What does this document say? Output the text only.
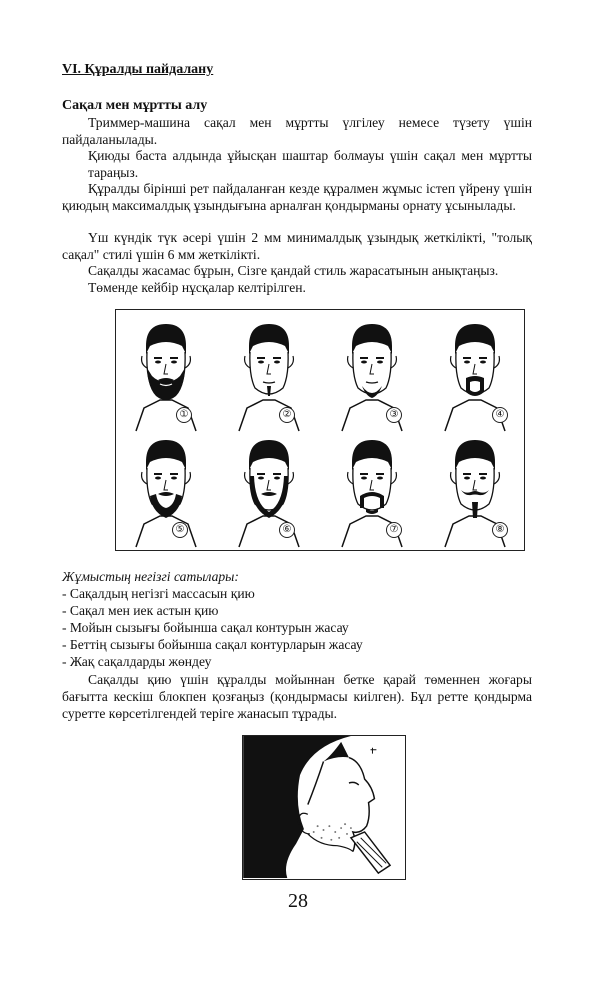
VI. Құралды пайдалану
Сақал мен мұртты алу
Триммер-машина сақал мен мұртты үлгілеу немесе түзету үшін пайдаланылады.
Қиюды баста алдында ұйысқан шаштар болмауы үшін сақал мен мұртты тараңыз.
Құралды бірінші рет пайдаланған кезде құралмен жұмыс істеп үйрену үшін қиюдың максималдық ұзындығына арналған қондырманы орнату ұсынылады.
Үш күндік түк әсері үшін 2 мм минималдық ұзындық жеткілікті, "толық сақал" стилі үшін 6 мм жеткілікті.
Сақалды жасамас бұрын, Сізге қандай стиль жарасатынын анықтаңыз.
Төменде кейбір нұсқалар келтірілген.
①	②	③	④
⑤	⑥	⑦	⑧
Жұмыстың негізгі сатылары:
- Сақалдың негізгі массасын қию
- Сақал мен иек астын қию
- Мойын сызығы бойынша сақал контурын жасау
- Беттің сызығы бойынша сақал контурларын жасау
- Жақ сақалдарды жөндеу
Сақалды қию үшін құралды мойыннан бетке қарай төменнен жоғары бағытта кескіш блокпен қозғаңыз (қондырмасы киілген). Бұл ретте қондырма суретте көрсетілгендей теріге жанасып тұрады.
28
